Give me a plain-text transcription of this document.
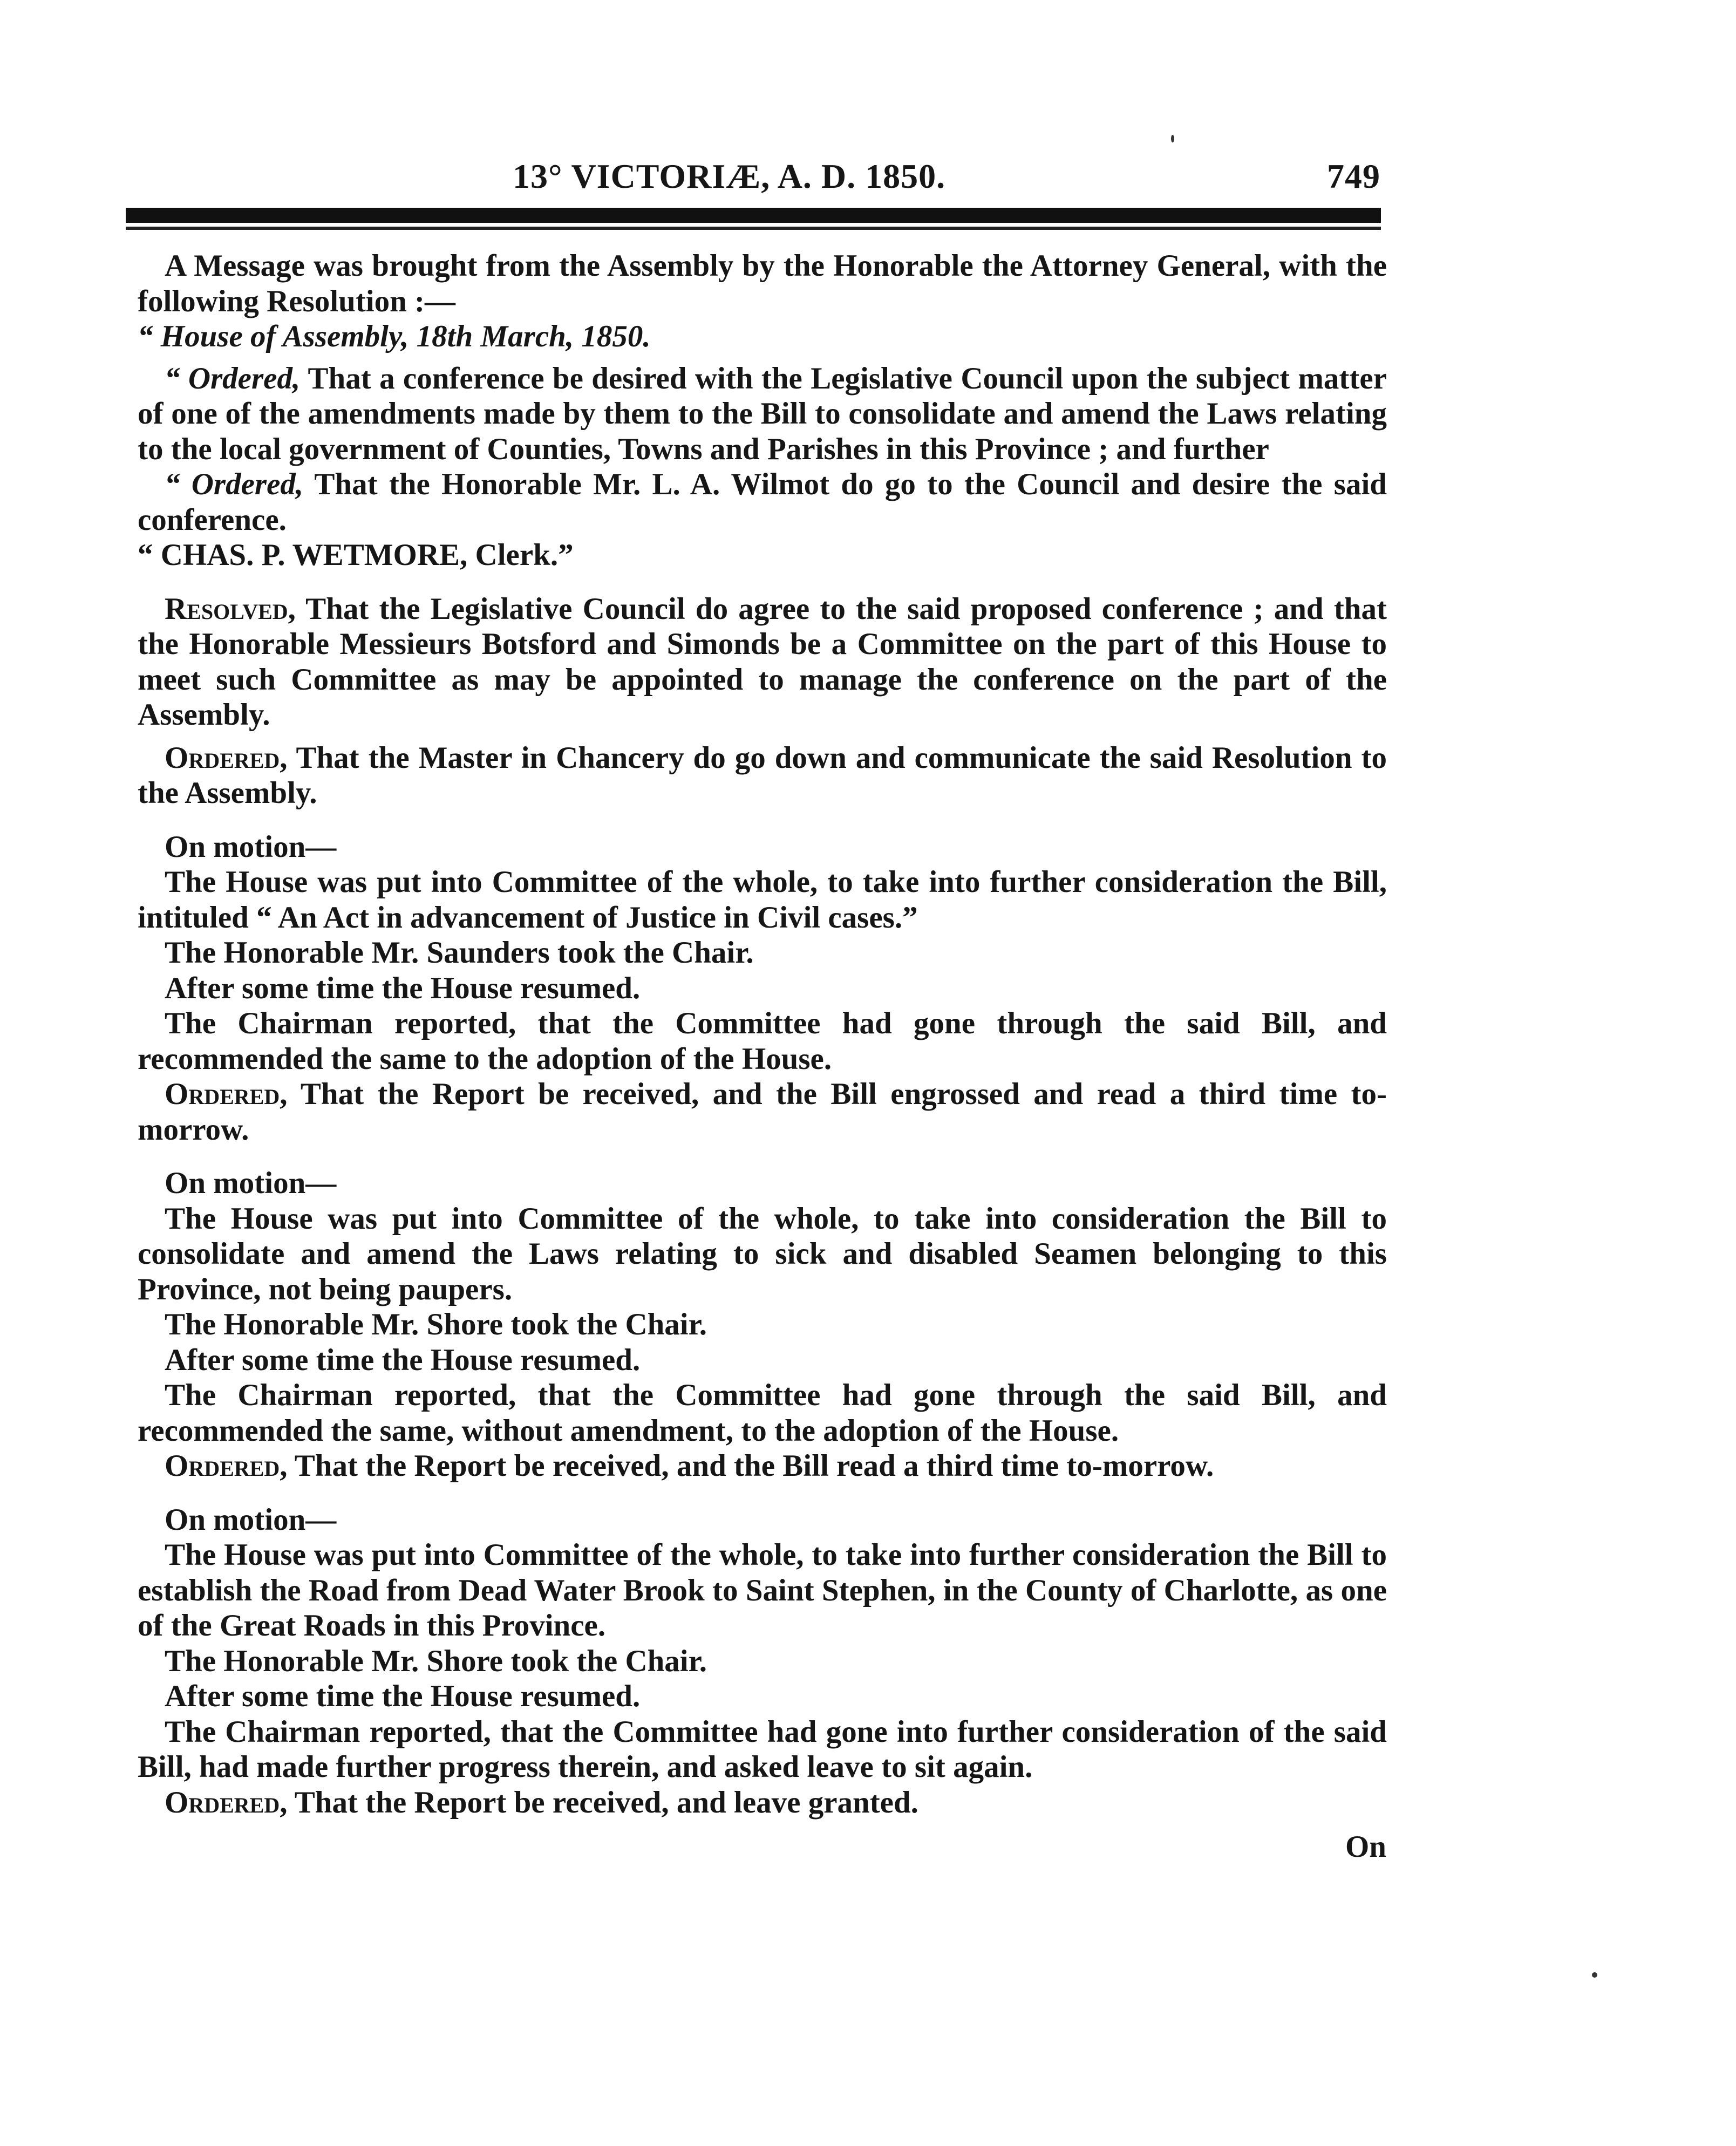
13° VICTORIÆ, A. D. 1850.	749

A Message was brought from the Assembly by the Honorable the Attorney General, with the following Resolution :—

“ House of Assembly, 18th March, 1850.

“ Ordered, That a conference be desired with the Legislative Council upon the subject matter of one of the amendments made by them to the Bill to consolidate and amend the Laws relating to the local government of Counties, Towns and Parishes in this Province ; and further

“ Ordered, That the Honorable Mr. L. A. Wilmot do go to the Council and desire the said conference.

“ CHAS. P. WETMORE, Clerk.”

Resolved, That the Legislative Council do agree to the said proposed conference ; and that the Honorable Messieurs Botsford and Simonds be a Committee on the part of this House to meet such Committee as may be appointed to manage the conference on the part of the Assembly.

Ordered, That the Master in Chancery do go down and communicate the said Resolution to the Assembly.

On motion—

The House was put into Committee of the whole, to take into further consideration the Bill, intituled “ An Act in advancement of Justice in Civil cases.”

The Honorable Mr. Saunders took the Chair.

After some time the House resumed.

The Chairman reported, that the Committee had gone through the said Bill, and recommended the same to the adoption of the House.

Ordered, That the Report be received, and the Bill engrossed and read a third time to-morrow.

On motion—

The House was put into Committee of the whole, to take into consideration the Bill to consolidate and amend the Laws relating to sick and disabled Seamen belonging to this Province, not being paupers.

The Honorable Mr. Shore took the Chair.

After some time the House resumed.

The Chairman reported, that the Committee had gone through the said Bill, and recommended the same, without amendment, to the adoption of the House.

Ordered, That the Report be received, and the Bill read a third time to-morrow.

On motion—

The House was put into Committee of the whole, to take into further consideration the Bill to establish the Road from Dead Water Brook to Saint Stephen, in the County of Charlotte, as one of the Great Roads in this Province.

The Honorable Mr. Shore took the Chair.

After some time the House resumed.

The Chairman reported, that the Committee had gone into further consideration of the said Bill, had made further progress therein, and asked leave to sit again.

Ordered, That the Report be received, and leave granted.

On
